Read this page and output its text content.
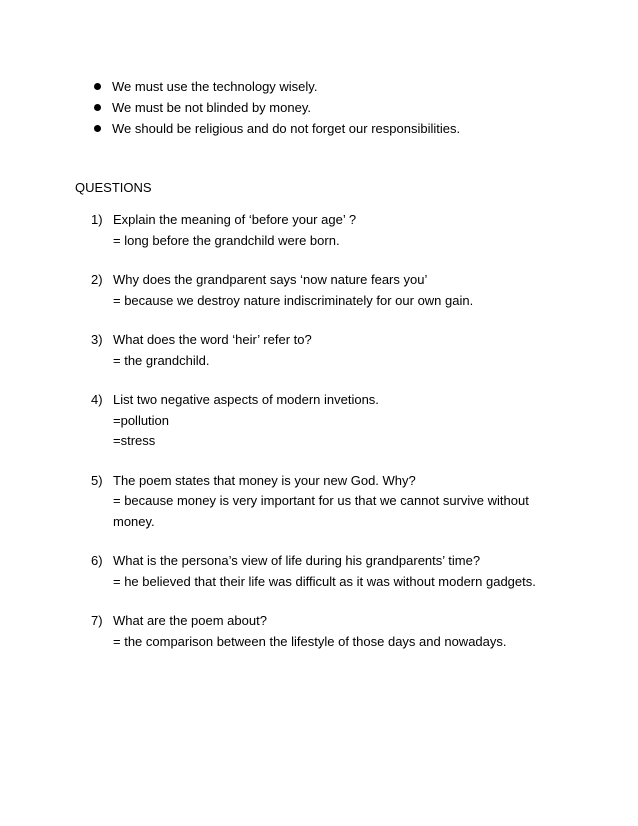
We must use the technology wisely.
We must be not blinded by money.
We should be religious and do not forget our responsibilities.
QUESTIONS
1) Explain the meaning of ‘before your age’ ?
= long before the grandchild were born.
2) Why does the grandparent says ‘now nature fears you’
= because we destroy nature indiscriminately for our own gain.
3) What does the word ‘heir’ refer to?
= the grandchild.
4) List two negative aspects of modern invetions.
=pollution
=stress
5) The poem states that money is your new God. Why?
= because money is very important for us that we cannot survive without
money.
6) What is the persona’s view of life during his grandparents’ time?
= he believed that their life was difficult as it was without modern gadgets.
7) What are the poem about?
= the comparison between the lifestyle of those days and nowadays.
